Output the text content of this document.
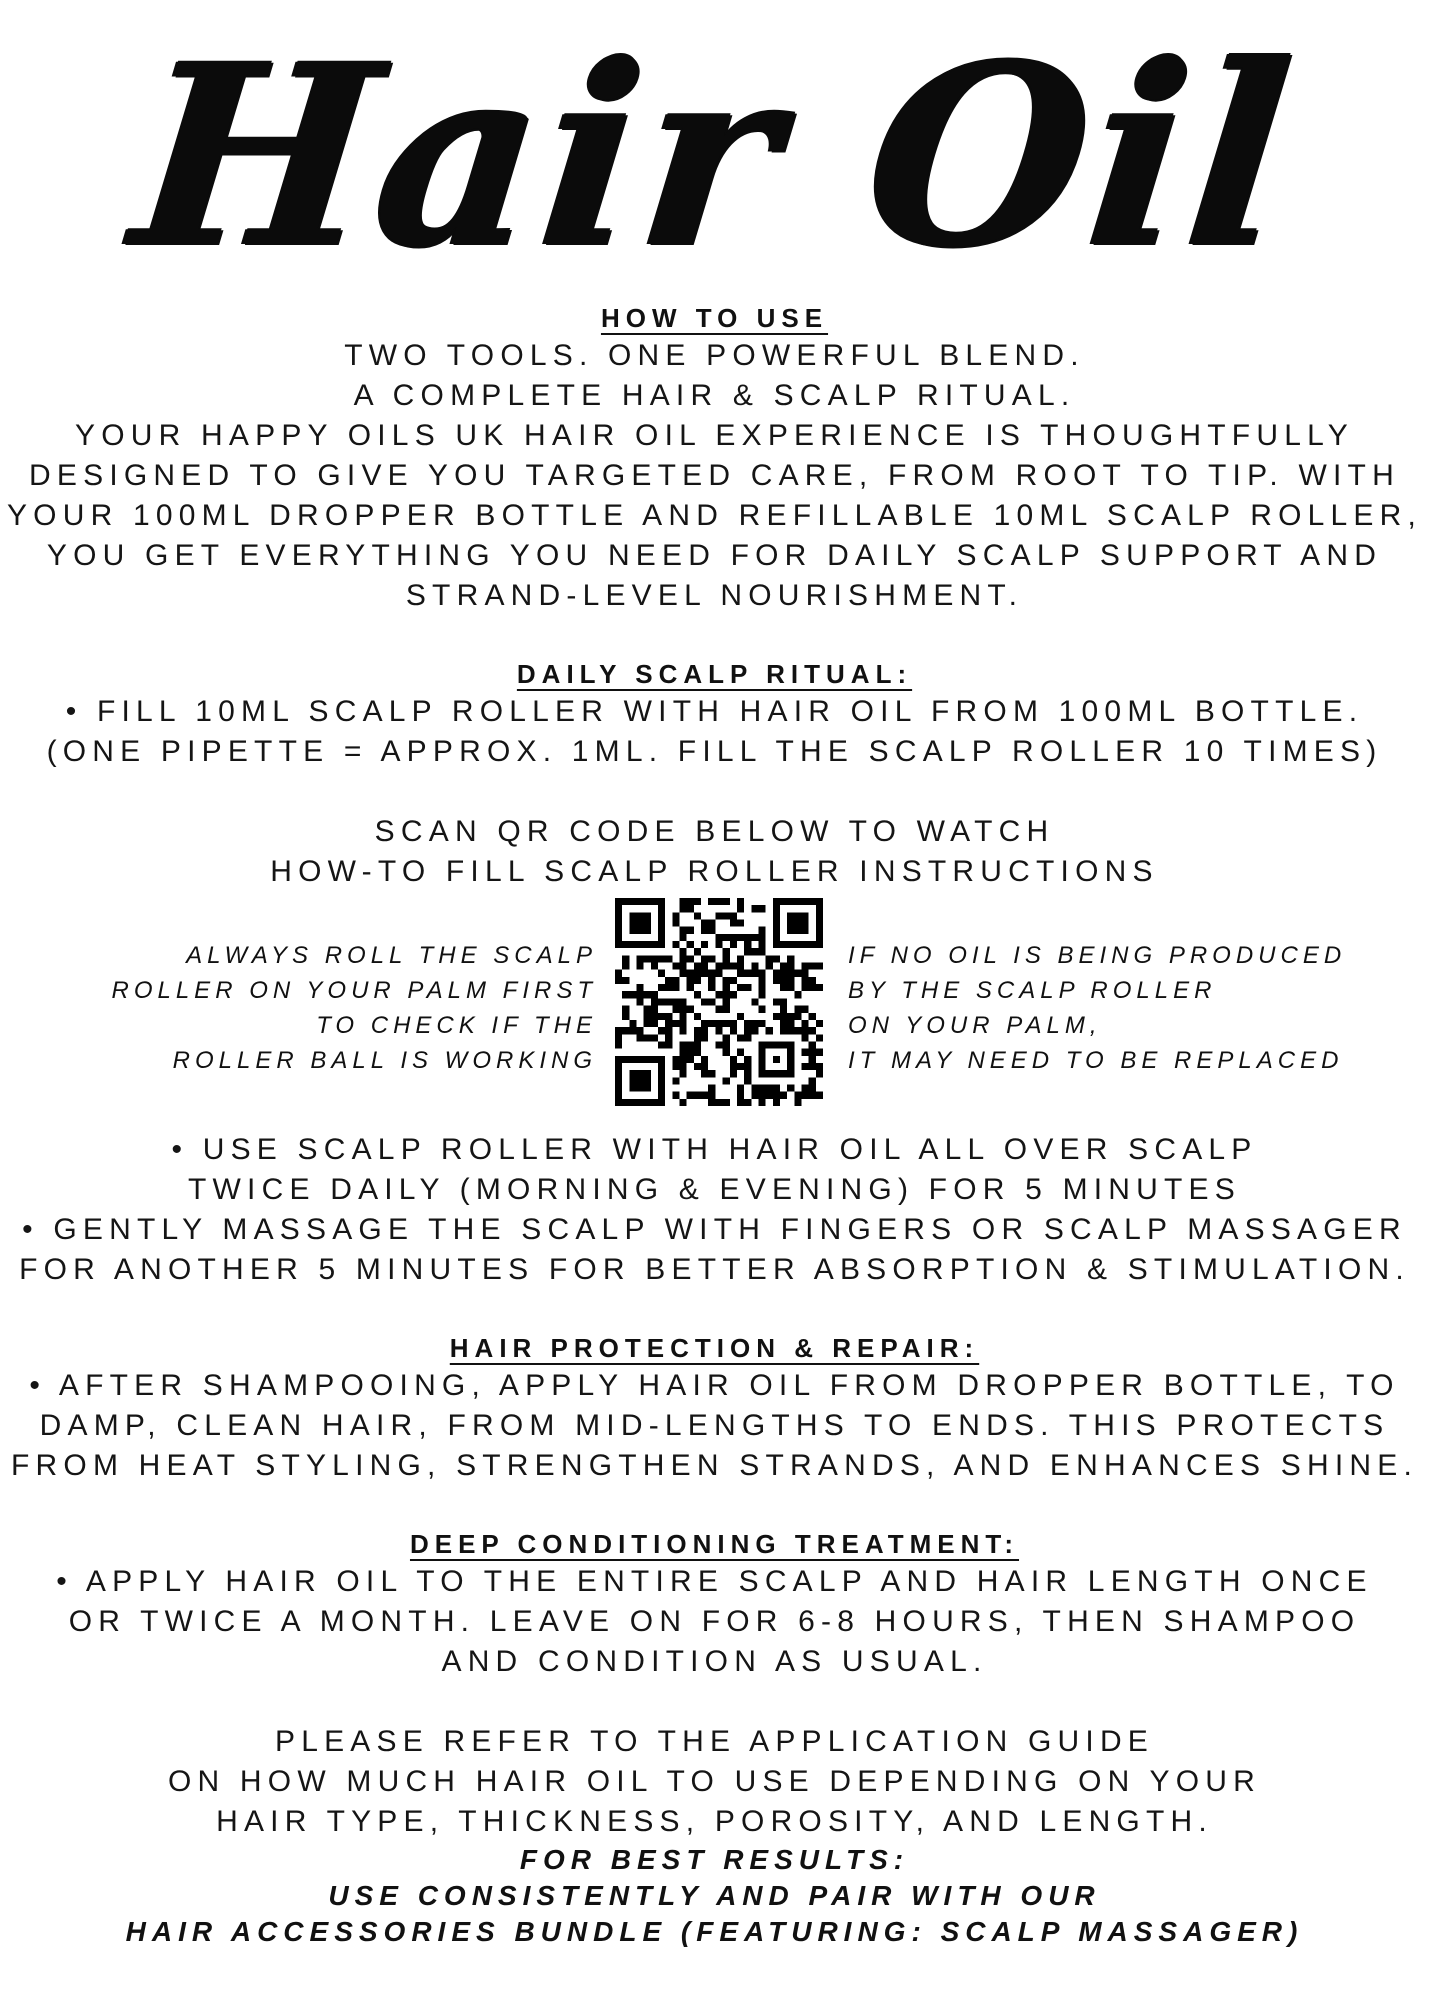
Hair Oil
HOW TO USE
TWO TOOLS. ONE POWERFUL BLEND.
A COMPLETE HAIR & SCALP RITUAL.
YOUR HAPPY OILS UK HAIR OIL EXPERIENCE IS THOUGHTFULLY
DESIGNED TO GIVE YOU TARGETED CARE, FROM ROOT TO TIP. WITH
YOUR 100ML DROPPER BOTTLE AND REFILLABLE 10ML SCALP ROLLER,
YOU GET EVERYTHING YOU NEED FOR DAILY SCALP SUPPORT AND
STRAND-LEVEL NOURISHMENT.
DAILY SCALP RITUAL:
• FILL 10ML SCALP ROLLER WITH HAIR OIL FROM 100ML BOTTLE.
(ONE PIPETTE = APPROX. 1ML. FILL THE SCALP ROLLER 10 TIMES)
SCAN QR CODE BELOW TO WATCH
HOW-TO FILL SCALP ROLLER INSTRUCTIONS
ALWAYS ROLL THE SCALP
ROLLER ON YOUR PALM FIRST
TO CHECK IF THE
ROLLER BALL IS WORKING
IF NO OIL IS BEING PRODUCED
BY THE SCALP ROLLER
ON YOUR PALM,
IT MAY NEED TO BE REPLACED
• USE SCALP ROLLER WITH HAIR OIL ALL OVER SCALP
TWICE DAILY (MORNING & EVENING) FOR 5 MINUTES
• GENTLY MASSAGE THE SCALP WITH FINGERS OR SCALP MASSAGER
FOR ANOTHER 5 MINUTES FOR BETTER ABSORPTION & STIMULATION.
HAIR PROTECTION & REPAIR:
• AFTER SHAMPOOING, APPLY HAIR OIL FROM DROPPER BOTTLE, TO
DAMP, CLEAN HAIR, FROM MID-LENGTHS TO ENDS. THIS PROTECTS
FROM HEAT STYLING, STRENGTHEN STRANDS, AND ENHANCES SHINE.
DEEP CONDITIONING TREATMENT:
• APPLY HAIR OIL TO THE ENTIRE SCALP AND HAIR LENGTH ONCE
OR TWICE A MONTH. LEAVE ON FOR 6-8 HOURS, THEN SHAMPOO
AND CONDITION AS USUAL.
PLEASE REFER TO THE APPLICATION GUIDE
ON HOW MUCH HAIR OIL TO USE DEPENDING ON YOUR
HAIR TYPE, THICKNESS, POROSITY, AND LENGTH.
FOR BEST RESULTS:
USE CONSISTENTLY AND PAIR WITH OUR
HAIR ACCESSORIES BUNDLE (FEATURING: SCALP MASSAGER)
